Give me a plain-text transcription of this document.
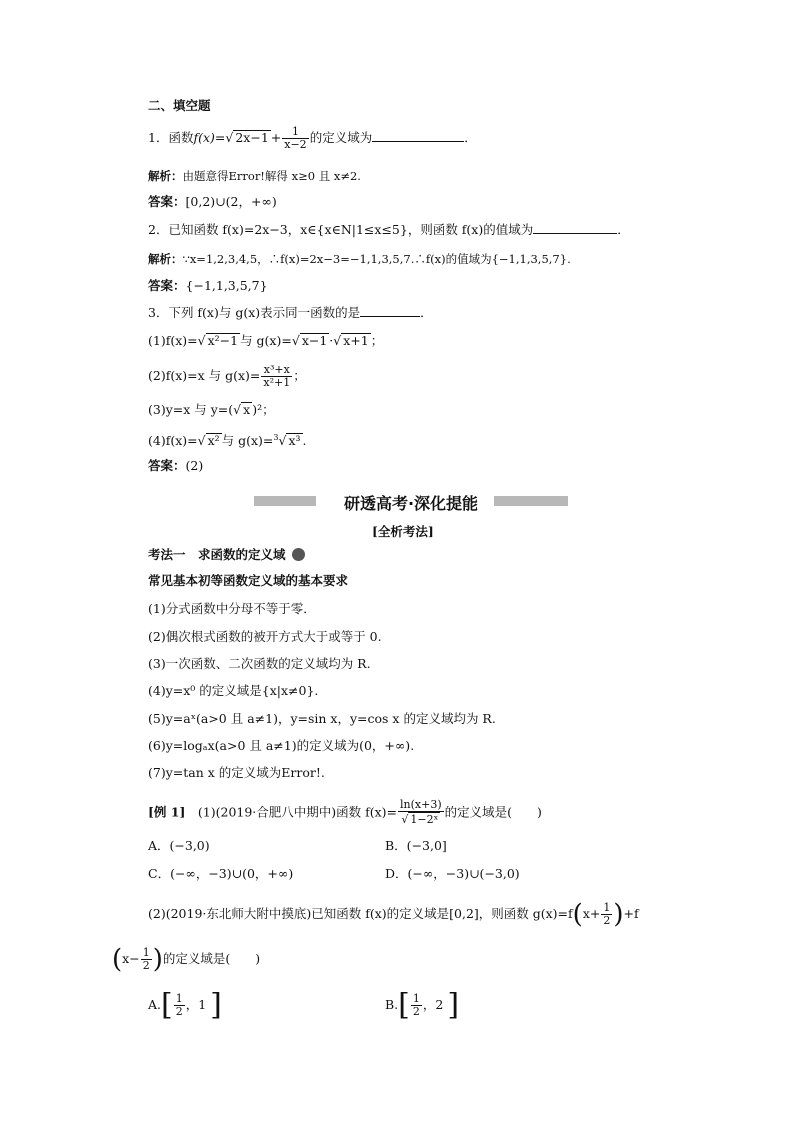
二、填空题
1．函数f(x)=√ $2x-1 + \frac{1}{x-2}$ 的定义域为	．
解析：由题意得Error!解得 x≥0 且 x≠2.
答案：[0,2)∪(2，+∞)
2．已知函数 f(x)=2x−3，x∈{x∈N|1≤x≤5}，则函数 f(x)的值域为	．
解析：∵x=1,2,3,4,5，∴f(x)=2x−3=−1,1,3,5,7.∴f(x)的值域为{−1,1,3,5,7}.
答案：{−1,1,3,5,7}
3．下列 f(x)与 g(x)表示同一函数的是	．
(1)f(x)=√ x²−1 与 g(x)=√ x−1 ·√ x+1 ；
(2)f(x)=x 与 $g(x)= \frac{\text{x³+x}}{\text{x²+1}}$ ；
(3)y=x 与 y=(√ x )²；
(4)f(x)=√ x² 与 g(x)=$^3$√ x³ .
答案：(2)
研透高考·深化提能
[全析考法]
考法一　求函数的定义域
常见基本初等函数定义域的基本要求
(1)分式函数中分母不等于零．
(2)偶次根式函数的被开方式大于或等于 0.
(3)一次函数、二次函数的定义域均为 R.
(4)y=x⁰ 的定义域是{x|x≠0}.
(5)y=aˣ(a>0 且 a≠1)，y=sin x，y=cos x 的定义域均为 R.
(6)y=logₐx(a>0 且 a≠1)的定义域为(0，+∞).
(7)y=tan x 的定义域为Error!.
[例 1]　 (1)(2019·合肥八中期中)函数 $f(x)= \frac{\ln(x+3)}{\text{√ 1−2ˣ}}$ 的定义域是(　　)
A．(−3,0)	B．(−3,0]
C．(−∞，−3)∪(0，+∞)	D．(−∞，−3)∪(−3,0)
(2)(2019·东北师大附中摸底)已知函数 f(x)的定义域是[0,2]，则函数 $g(x)=f(x+ \frac{1}{2} )+f$
($x- \frac{1}{2}$ )的定义域是(　　)
$A.[ \frac{1}{2}$ ，1 ]	$B.[ \frac{1}{2}$ ，2 ]
